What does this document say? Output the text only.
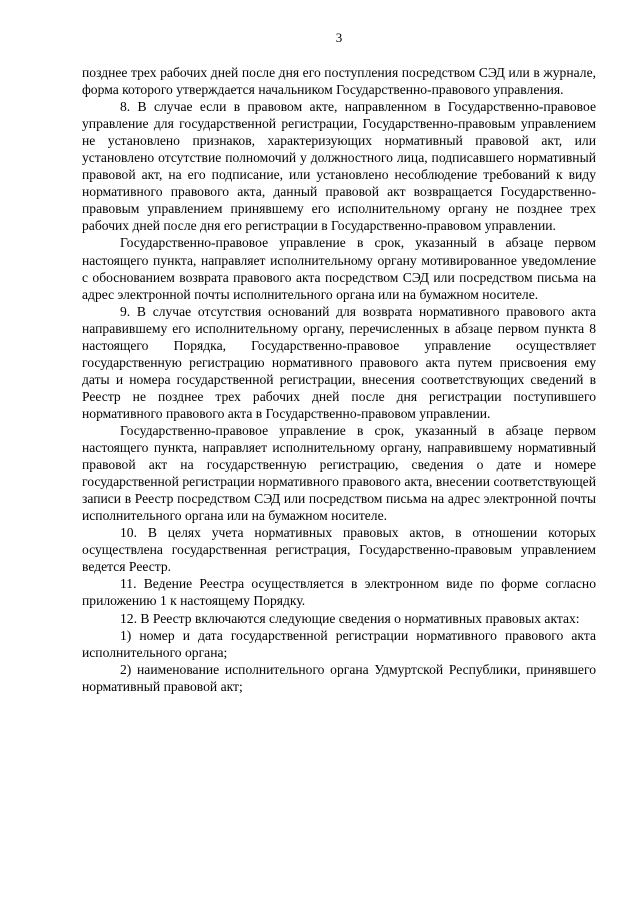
3

позднее трех рабочих дней после дня его поступления посредством СЭД или в журнале, форма которого утверждается начальником Государственно-правового управления.

8. В случае если в правовом акте, направленном в Государственно-правовое управление для государственной регистрации, Государственно-правовым управлением не установлено признаков, характеризующих нормативный правовой акт, или установлено отсутствие полномочий у должностного лица, подписавшего нормативный правовой акт, на его подписание, или установлено несоблюдение требований к виду нормативного правового акта, данный правовой акт возвращается Государственно-правовым управлением принявшему его исполнительному органу не позднее трех рабочих дней после дня его регистрации в Государственно-правовом управлении.

Государственно-правовое управление в срок, указанный в абзаце первом настоящего пункта, направляет исполнительному органу мотивированное уведомление с обоснованием возврата правового акта посредством СЭД или посредством письма на адрес электронной почты исполнительного органа или на бумажном носителе.

9. В случае отсутствия оснований для возврата нормативного правового акта направившему его исполнительному органу, перечисленных в абзаце первом пункта 8 настоящего Порядка, Государственно-правовое управление осуществляет государственную регистрацию нормативного правового акта путем присвоения ему даты и номера государственной регистрации, внесения соответствующих сведений в Реестр не позднее трех рабочих дней после дня регистрации поступившего нормативного правового акта в Государственно-правовом управлении.

Государственно-правовое управление в срок, указанный в абзаце первом настоящего пункта, направляет исполнительному органу, направившему нормативный правовой акт на государственную регистрацию, сведения о дате и номере государственной регистрации нормативного правового акта, внесении соответствующей записи в Реестр посредством СЭД или посредством письма на адрес электронной почты исполнительного органа или на бумажном носителе.

10. В целях учета нормативных правовых актов, в отношении которых осуществлена государственная регистрация, Государственно-правовым управлением ведется Реестр.

11. Ведение Реестра осуществляется в электронном виде по форме согласно приложению 1 к настоящему Порядку.

12. В Реестр включаются следующие сведения о нормативных правовых актах:

1) номер и дата государственной регистрации нормативного правового акта исполнительного органа;

2) наименование исполнительного органа Удмуртской Республики, принявшего нормативный правовой акт;
